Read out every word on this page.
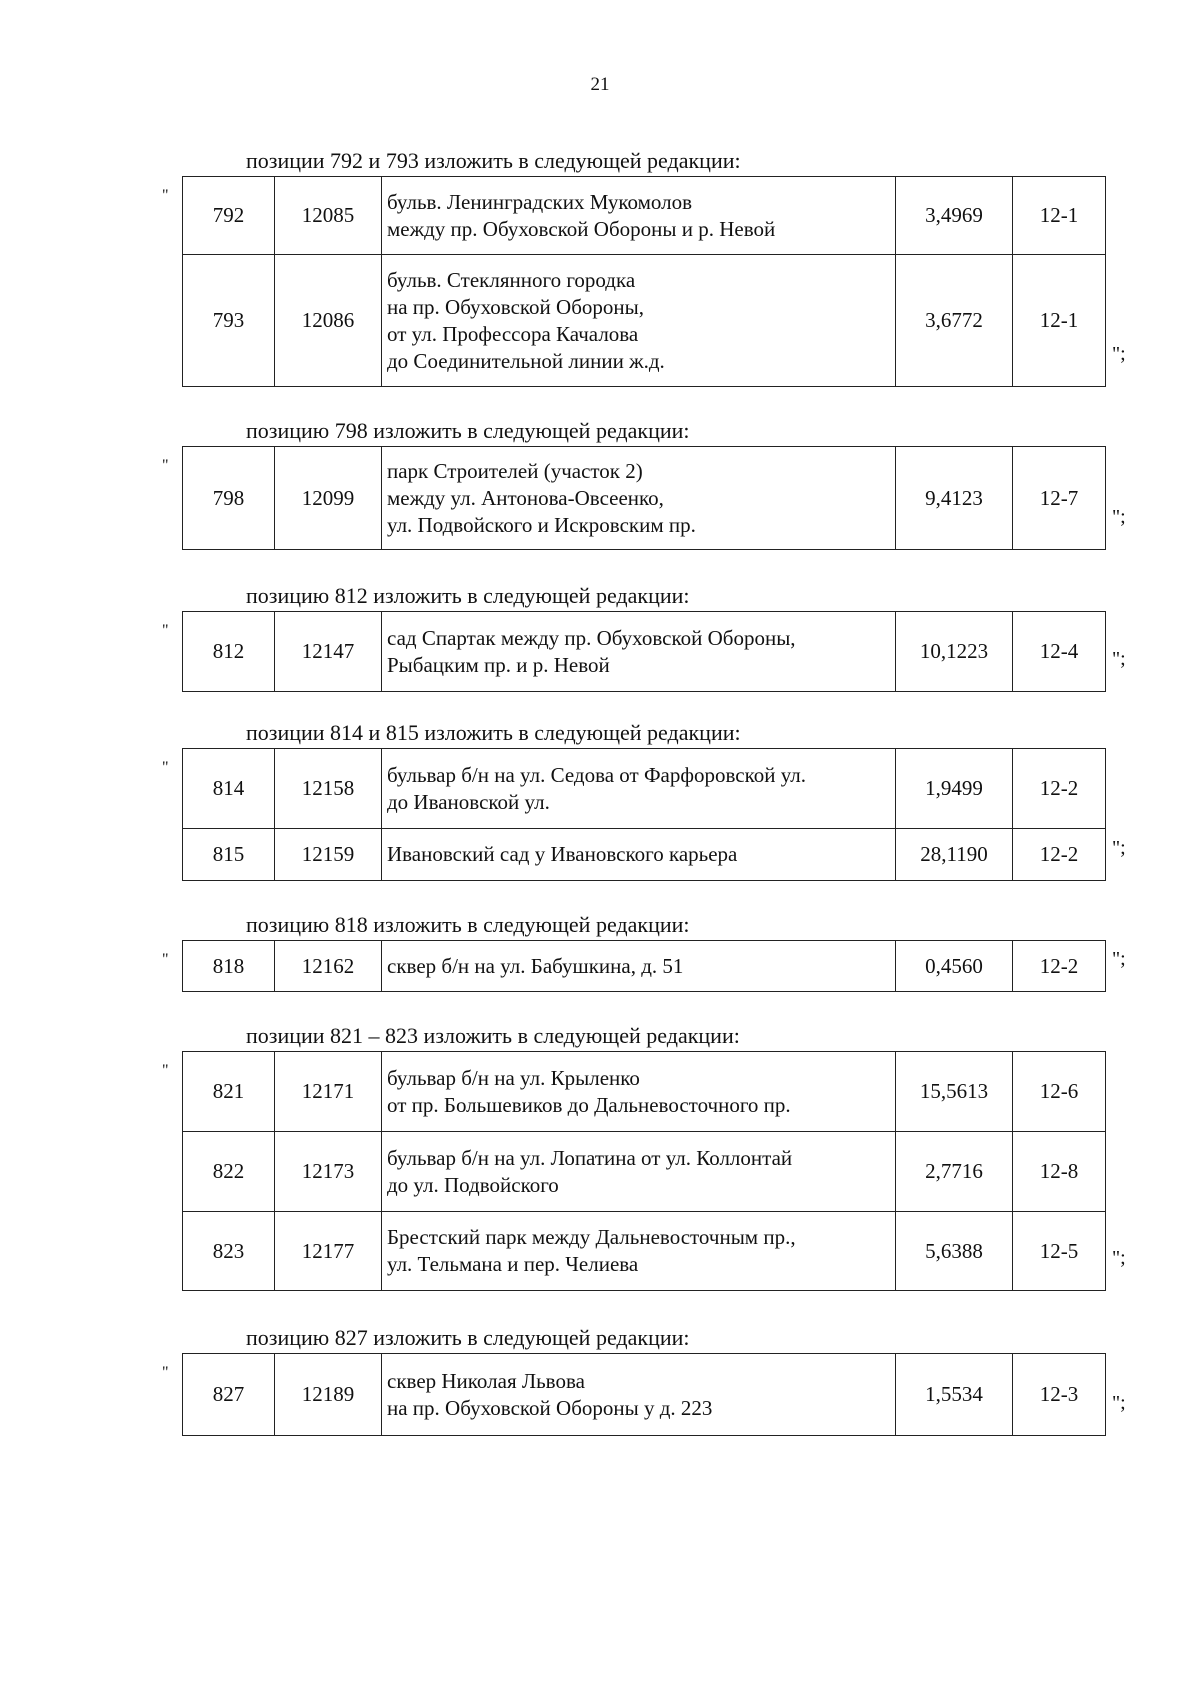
21
позиции 792 и 793 изложить в следующей редакции:
"
792	12085	бульв. Ленинградских Мукомолов
между пр. Обуховской Обороны и р. Невой	3,4969	12-1
793	12086	бульв. Стеклянного городка
на пр. Обуховской Обороны,
от ул. Профессора Качалова
до Соединительной линии ж.д.	3,6772	12-1
";
позицию 798 изложить в следующей редакции:
"
798	12099	
парк Строителей (участок 2)
между ул. Антонова-Овсеенко,
ул. Подвойского и Искровским пр.
	9,4123	12-7
";
позицию 812 изложить в следующей редакции:
"
812	12147	
сад Спартак между пр. Обуховской Обороны,
Рыбацким пр. и р. Невой
	10,1223	12-4 ";
позиции 814 и 815 изложить в следующей редакции:
"
814	12158	бульвар б/н на ул. Седова от Фарфоровской ул.
до Ивановской ул.	1,9499	12-2
815	12159	Ивановский сад у Ивановского карьера	28,1190	12-2 ";
позицию 818 изложить в следующей редакции:
" 818	12162	сквер б/н на ул. Бабушкина, д. 51	0,4560	12-2 ";
позиции 821 – 823 изложить в следующей редакции:
"
821	12171	бульвар б/н на ул. Крыленко
от пр. Большевиков до Дальневосточного пр.	15,5613	12-6
822	12173	бульвар б/н на ул. Лопатина от ул. Коллонтай
до ул. Подвойского	2,7716	12-8
823	12177	Брестский парк между Дальневосточным пр.,
ул. Тельмана и пер. Челиева	5,6388	12-5 ";
позицию 827 изложить в следующей редакции:
"
827	12189	
сквер Николая Львова
на пр. Обуховской Обороны у д. 223
	1,5534	12-3 ";
